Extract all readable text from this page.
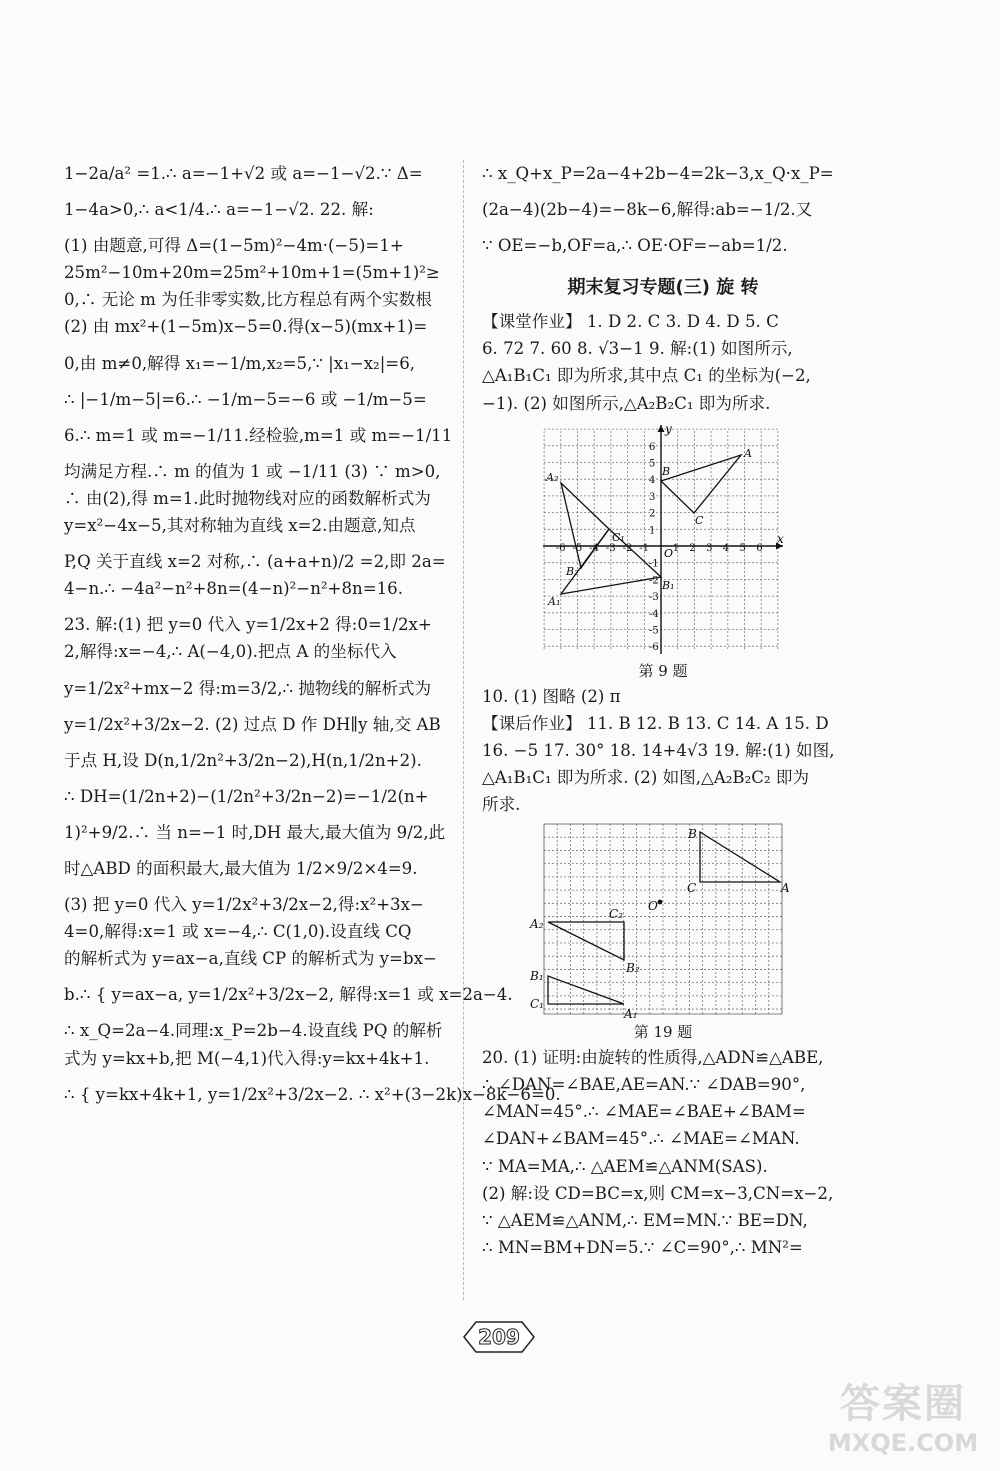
1−2a/a² =1.∴ a=−1+√2 或 a=−1−√2.∵ Δ=
1−4a>0,∴ a<1/4.∴ a=−1−√2. 22. 解:
(1) 由题意,可得 Δ=(1−5m)²−4m·(−5)=1+
25m²−10m+20m=25m²+10m+1=(5m+1)²≥
0,∴ 无论 m 为任非零实数,比方程总有两个实数根
(2) 由 mx²+(1−5m)x−5=0.得(x−5)(mx+1)=
0,由 m≠0,解得 x₁=−1/m,x₂=5,∵ |x₁−x₂|=6,
∴ |−1/m−5|=6.∴ −1/m−5=−6 或 −1/m−5=
6.∴ m=1 或 m=−1/11.经检验,m=1 或 m=−1/11
均满足方程.∴ m 的值为 1 或 −1/11 (3) ∵ m>0,
∴ 由(2),得 m=1.此时抛物线对应的函数解析式为
y=x²−4x−5,其对称轴为直线 x=2.由题意,知点
P,Q 关于直线 x=2 对称,∴ (a+a+n)/2 =2,即 2a=
4−n.∴ −4a²−n²+8n=(4−n)²−n²+8n=16.
23. 解:(1) 把 y=0 代入 y=1/2x+2 得:0=1/2x+
2,解得:x=−4,∴ A(−4,0).把点 A 的坐标代入
y=1/2x²+mx−2 得:m=3/2,∴ 抛物线的解析式为
y=1/2x²+3/2x−2. (2) 过点 D 作 DH∥y 轴,交 AB
于点 H,设 D(n,1/2n²+3/2n−2),H(n,1/2n+2).
∴ DH=(1/2n+2)−(1/2n²+3/2n−2)=−1/2(n+
1)²+9/2.∴ 当 n=−1 时,DH 最大,最大值为 9/2,此
时△ABD 的面积最大,最大值为 1/2×9/2×4=9.
(3) 把 y=0 代入 y=1/2x²+3/2x−2,得:x²+3x−
4=0,解得:x=1 或 x=−4,∴ C(1,0).设直线 CQ
的解析式为 y=ax−a,直线 CP 的解析式为 y=bx−
b.∴ { y=ax−a, y=1/2x²+3/2x−2, 解得:x=1 或 x=2a−4.
∴ x_Q=2a−4.同理:x_P=2b−4.设直线 PQ 的解析
式为 y=kx+b,把 M(−4,1)代入得:y=kx+4k+1.
∴ { y=kx+4k+1, y=1/2x²+3/2x−2. ∴ x²+(3−2k)x−8k−6=0.
∴ x_Q+x_P=2a−4+2b−4=2k−3,x_Q·x_P=
(2a−4)(2b−4)=−8k−6,解得:ab=−1/2.又
∵ OE=−b,OF=a,∴ OE·OF=−ab=1/2.
期末复习专题(三) 旋 转
【课堂作业】 1. D 2. C 3. D 4. D 5. C
6. 72 7. 60 8. √3−1 9. 解:(1) 如图所示,
△A₁B₁C₁ 即为所求,其中点 C₁ 的坐标为(−2,
−1). (2) 如图所示,△A₂B₂C₁ 即为所求.
x
y
O
-6 -5 -4 -3 -2 -1 1 2 3 4 5 6
6
5
4
3
2
1
-1
-2
-3
-4
-5
-6
A
B
C
A₁
B₁
C₁
A₂
B₂
第 9 题
10. (1) 图略 (2) π
【课后作业】 11. B 12. B 13. C 14. A 15. D
16. −5 17. 30° 18. 14+4√3 19. 解:(1) 如图,
△A₁B₁C₁ 即为所求. (2) 如图,△A₂B₂C₂ 即为
所求.
B
C	A
O
A₂
C₂
B₂
B₁
C₁
A₁
第 19 题
20. (1) 证明:由旋转的性质得,△ADN≌△ABE,
∴ ∠DAN=∠BAE,AE=AN.∵ ∠DAB=90°,
∠MAN=45°.∴ ∠MAE=∠BAE+∠BAM=
∠DAN+∠BAM=45°.∴ ∠MAE=∠MAN.
∵ MA=MA,∴ △AEM≌△ANM(SAS).
(2) 解:设 CD=BC=x,则 CM=x−3,CN=x−2,
∵ △AEM≌△ANM,∴ EM=MN.∵ BE=DN,
∴ MN=BM+DN=5.∵ ∠C=90°,∴ MN²=
209
答案圈
MXQE.COM
